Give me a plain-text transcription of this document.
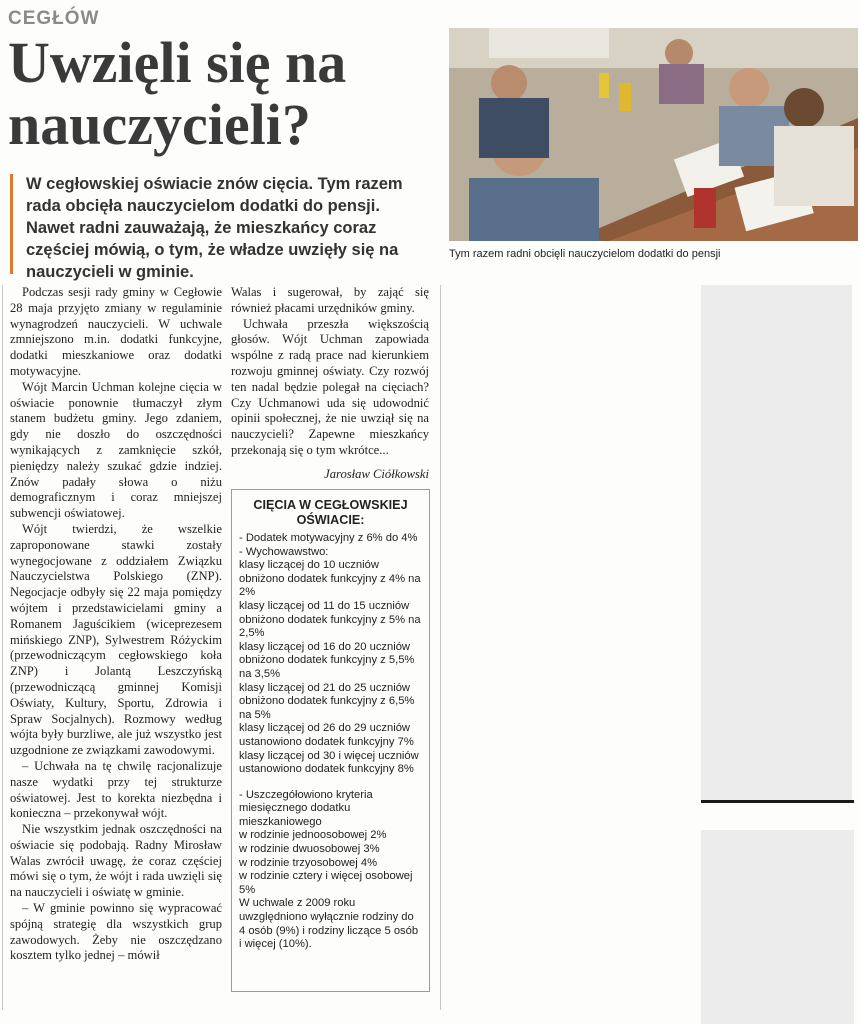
CEGŁÓW
Uwzięli się na nauczycieli?

W cegłowskiej oświacie znów cięcia. Tym razem rada obcięła nauczycielom dodatki do pensji. Nawet radni zauważają, że mieszkańcy coraz częściej mówią, o tym, że władze uwzięły się na nauczycieli w gminie.

Tym razem radni obcięli nauczycielom dodatki do pensji

Podczas sesji rady gminy w Cegłowie 28 maja przyjęto zmiany w regulaminie wynagrodzeń nauczycieli. W uchwale zmniejszono m.in. dodatki funkcyjne, dodatki mieszkaniowe oraz dodatki motywacyjne.

Wójt Marcin Uchman kolejne cięcia w oświacie ponownie tłumaczył złym stanem budżetu gminy. Jego zdaniem, gdy nie doszło do oszczędności wynikających z zamknięcie szkół, pieniędzy należy szukać gdzie indziej. Znów padały słowa o niżu demograficznym i coraz mniejszej subwencji oświatowej.

Wójt twierdzi, że wszelkie zaproponowane stawki zostały wynegocjowane z oddziałem Związku Nauczycielstwa Polskiego (ZNP). Negocjacje odbyły się 22 maja pomiędzy wójtem i przedstawicielami gminy a Romanem Jaguścikiem (wiceprezesem mińskiego ZNP), Sylwestrem Różyckim (przewodniczącym cegłowskiego koła ZNP) i Jolantą Leszczyńską (przewodniczącą gminnej Komisji Oświaty, Kultury, Sportu, Zdrowia i Spraw Socjalnych). Rozmowy według wójta były burzliwe, ale już wszystko jest uzgodnione ze związkami zawodowymi.

– Uchwała na tę chwilę racjonalizuje nasze wydatki przy tej strukturze oświatowej. Jest to korekta niezbędna i konieczna – przekonywał wójt.

Nie wszystkim jednak oszczędności na oświacie się podobają. Radny Mirosław Walas zwrócił uwagę, że coraz częściej mówi się o tym, że wójt i rada uwzięli się na nauczycieli i oświatę w gminie.

– W gminie powinno się wypracować spójną strategię dla wszystkich grup zawodowych. Żeby nie oszczędzano kosztem tylko jednej – mówił

Walas i sugerował, by zająć się również płacami urzędników gminy.

Uchwała przeszła większością głosów. Wójt Uchman zapowiada wspólne z radą prace nad kierunkiem rozwoju gminnej oświaty. Czy rozwój ten nadal będzie polegał na cięciach? Czy Uchmanowi uda się udowodnić opinii społecznej, że nie uwziął się na nauczycieli? Zapewne mieszkańcy przekonają się o tym wkrótce...

Jarosław Ciółkowski

CIĘCIA W CEGŁOWSKIEJ OŚWIACIE:
- Dodatek motywacyjny z 6% do 4%
- Wychowawstwo:
klasy liczącej do 10 uczniów obniżono dodatek funkcyjny z 4% na 2%
klasy liczącej od 11 do 15 uczniów obniżono dodatek funkcyjny z 5% na 2,5%
klasy liczącej od 16 do 20 uczniów obniżono dodatek funkcyjny z 5,5% na 3,5%
klasy liczącej od 21 do 25 uczniów obniżono dodatek funkcyjny z 6,5% na 5%
klasy liczącej od 26 do 29 uczniów ustanowiono dodatek funkcyjny 7%
klasy liczącej od 30 i więcej uczniów ustanowiono dodatek funkcyjny 8%
- Uszczegółowiono kryteria miesięcznego dodatku mieszkaniowego
w rodzinie jednoosobowej 2%
w rodzinie dwuosobowej 3%
w rodzinie trzyosobowej 4%
w rodzinie cztery i więcej osobowej 5%
W uchwale z 2009 roku uwzględniono wyłącznie rodziny do 4 osób (9%) i rodziny liczące 5 osób i więcej (10%).
